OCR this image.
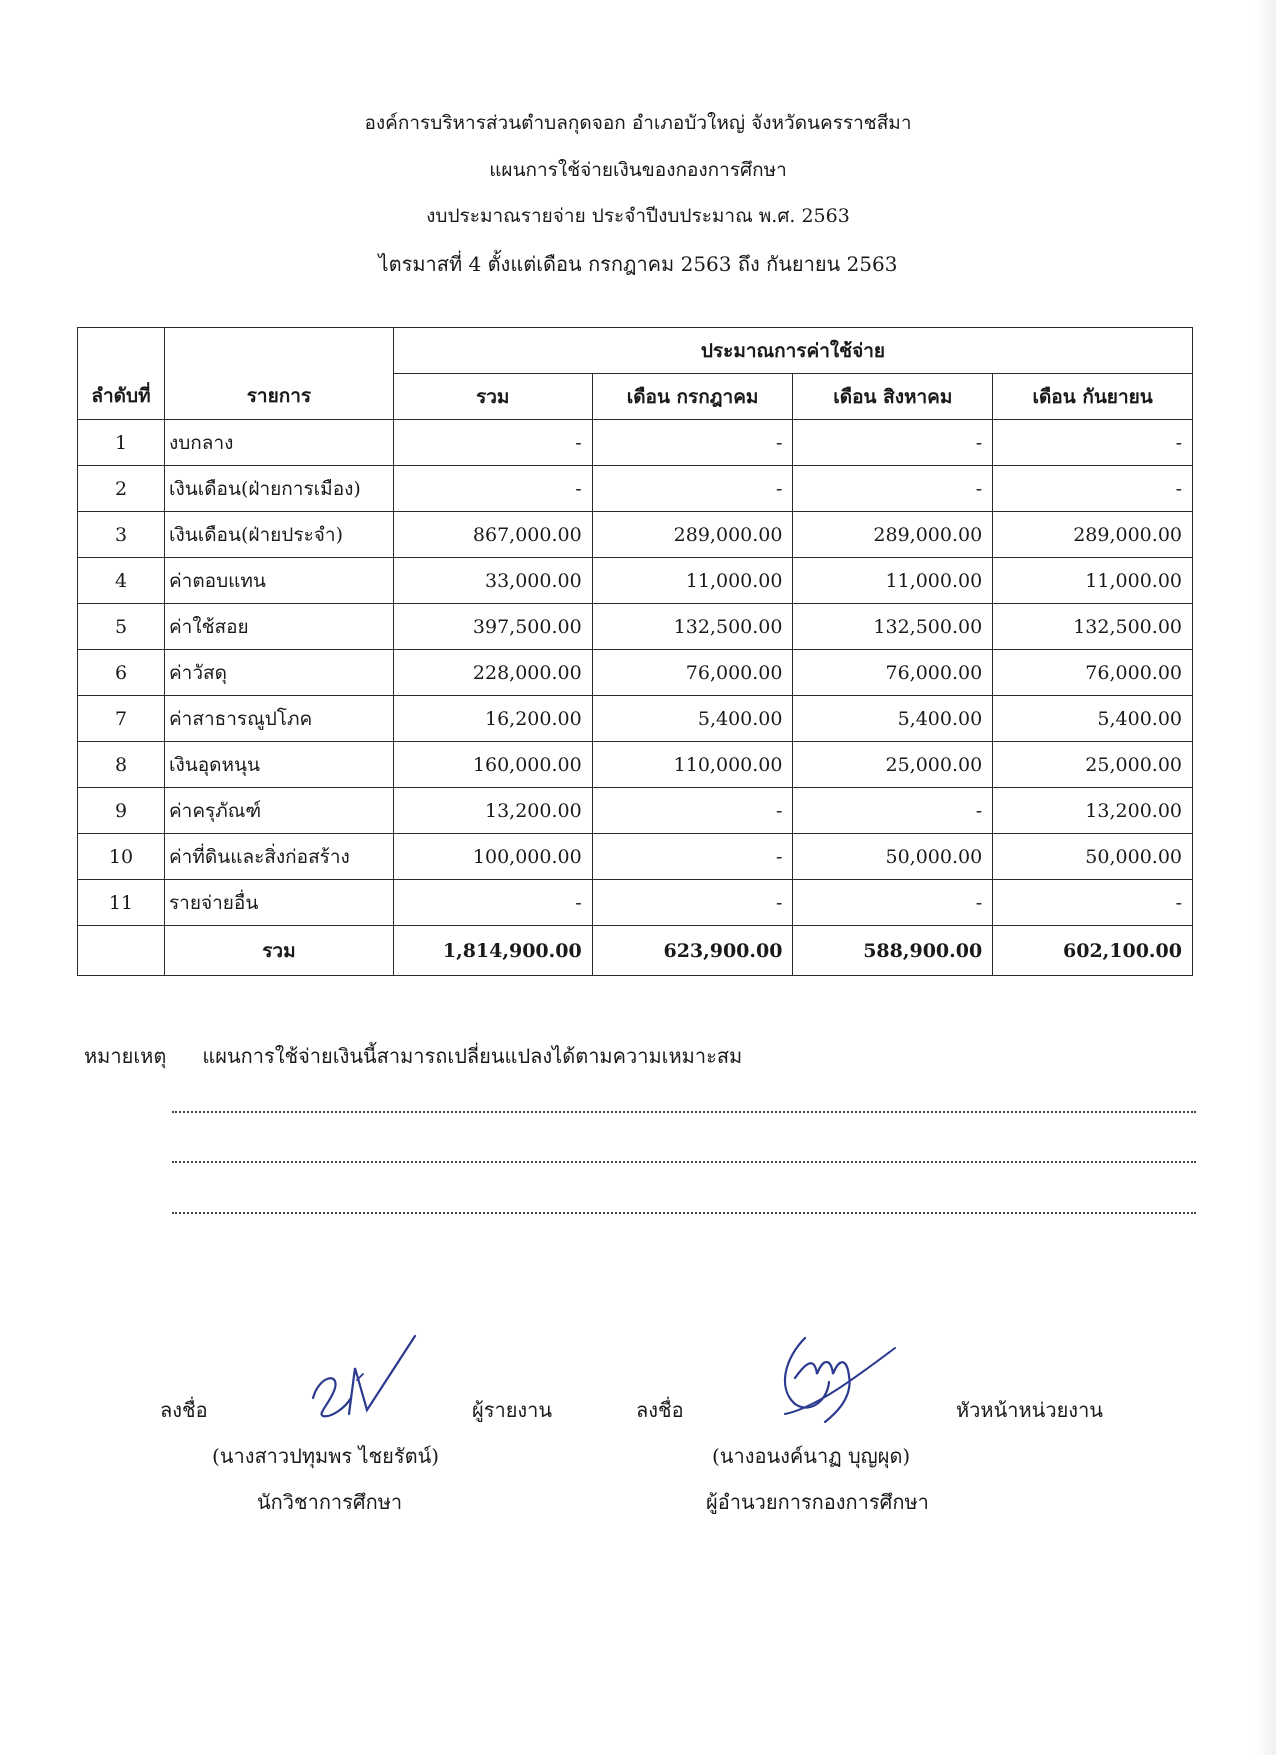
องค์การบริหารส่วนตำบลกุดจอก อำเภอบัวใหญ่ จังหวัดนครราชสีมา
แผนการใช้จ่ายเงินของกองการศึกษา
งบประมาณรายจ่าย ประจำปีงบประมาณ พ.ศ. 2563
ไตรมาสที่ 4 ตั้งแต่เดือน กรกฎาคม 2563 ถึง กันยายน 2563
ลำดับที่	รายการ	ประมาณการค่าใช้จ่าย			
		รวม	เดือน กรกฎาคม	เดือน สิงหาคม	เดือน กันยายน
1	งบกลาง	-	-	-	-
2	เงินเดือน(ฝ่ายการเมือง)	-	-	-	-
3	เงินเดือน(ฝ่ายประจำ)	867,000.00	289,000.00	289,000.00	289,000.00
4	ค่าตอบแทน	33,000.00	11,000.00	11,000.00	11,000.00
5	ค่าใช้สอย	397,500.00	132,500.00	132,500.00	132,500.00
6	ค่าวัสดุ	228,000.00	76,000.00	76,000.00	76,000.00
7	ค่าสาธารณูปโภค	16,200.00	5,400.00	5,400.00	5,400.00
8	เงินอุดหนุน	160,000.00	110,000.00	25,000.00	25,000.00
9	ค่าครุภัณฑ์	13,200.00	-	-	13,200.00
10	ค่าที่ดินและสิ่งก่อสร้าง	100,000.00	-	50,000.00	50,000.00
11	รายจ่ายอื่น	-	-	-	-
	รวม	1,814,900.00	623,900.00	588,900.00	602,100.00
หมายเหตุ แผนการใช้จ่ายเงินนี้สามารถเปลี่ยนแปลงได้ตามความเหมาะสม
ลงชื่อ	ผู้รายงาน
(นางสาวปทุมพร ไชยรัตน์)
นักวิชาการศึกษา
ลงชื่อ	หัวหน้าหน่วยงาน
(นางอนงค์นาฏ บุญผุด)
ผู้อำนวยการกองการศึกษา
